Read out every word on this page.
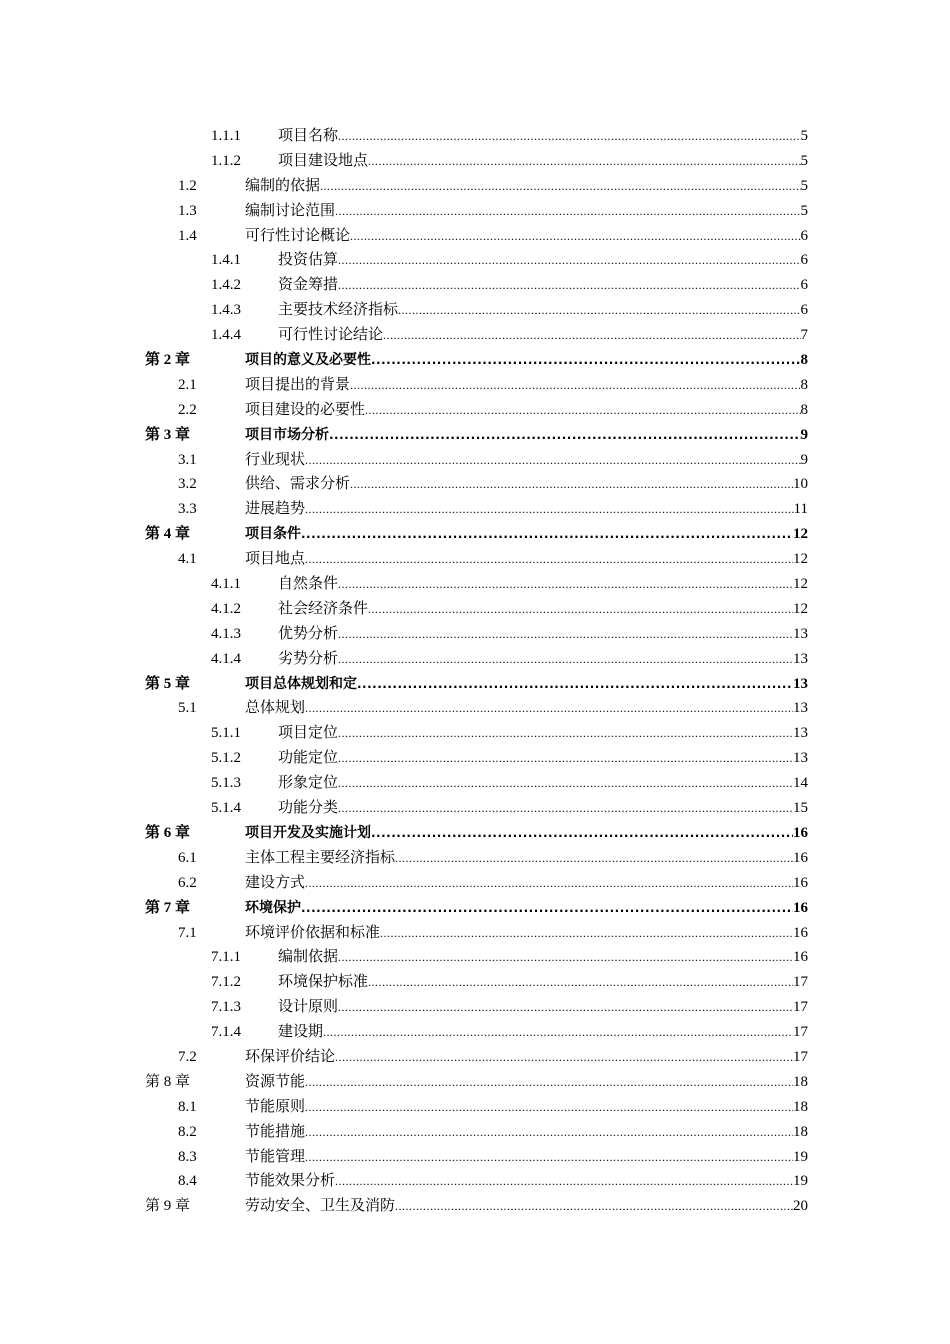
1.1.1 项目名称 .....	5
1.1.2 项目建设地点 .....	5
1.2	编制的依据 .....	5
1.3	编制讨论范围 .....	5
1.4	可行性讨论概论 .....	6
1.4.1 投资估算 .....	6
1.4.2 资金筹措 .....	6
1.4.3 主要技术经济指标 .....	6
1.4.4 可行性讨论结论 .....	7
第 2 章	项目的意义及必要性 .....	8
2.1	项目提出的背景 .....	8
2.2	项目建设的必要性 .....	8
第 3 章	项目市场分析 .....	9
3.1	行业现状 .....	9
3.2	供给、需求分析 .....	10
3.3	进展趋势 .....	11
第 4 章	项目条件 .....	12
4.1	项目地点 .....	12
4.1.1 自然条件 .....	12
4.1.2 社会经济条件 .....	12
4.1.3 优势分析 .....	13
4.1.4 劣势分析 .....	13
第 5 章	项目总体规划和定 .....	13
5.1	总体规划 .....	13
5.1.1 项目定位 .....	13
5.1.2 功能定位 .....	13
5.1.3 形象定位 .....	14
5.1.4 功能分类 .....	15
第 6 章	项目开发及实施计划 .....	16
6.1	主体工程主要经济指标 .....	16
6.2	建设方式 .....	16
第 7 章	环境保护 .....	16
7.1	环境评价依据和标准 .....	16
7.1.1 编制依据 .....	16
7.1.2 环境保护标准 .....	17
7.1.3 设计原则 .....	17
7.1.4 建设期 .....	17
7.2	环保评价结论 .....	17
第 8 章	资源节能 .....	18
8.1	节能原则 .....	18
8.2	节能措施 .....	18
8.3	节能管理 .....	19
8.4	节能效果分析 .....	19
第 9 章	劳动安全、卫生及消防 .....	20
